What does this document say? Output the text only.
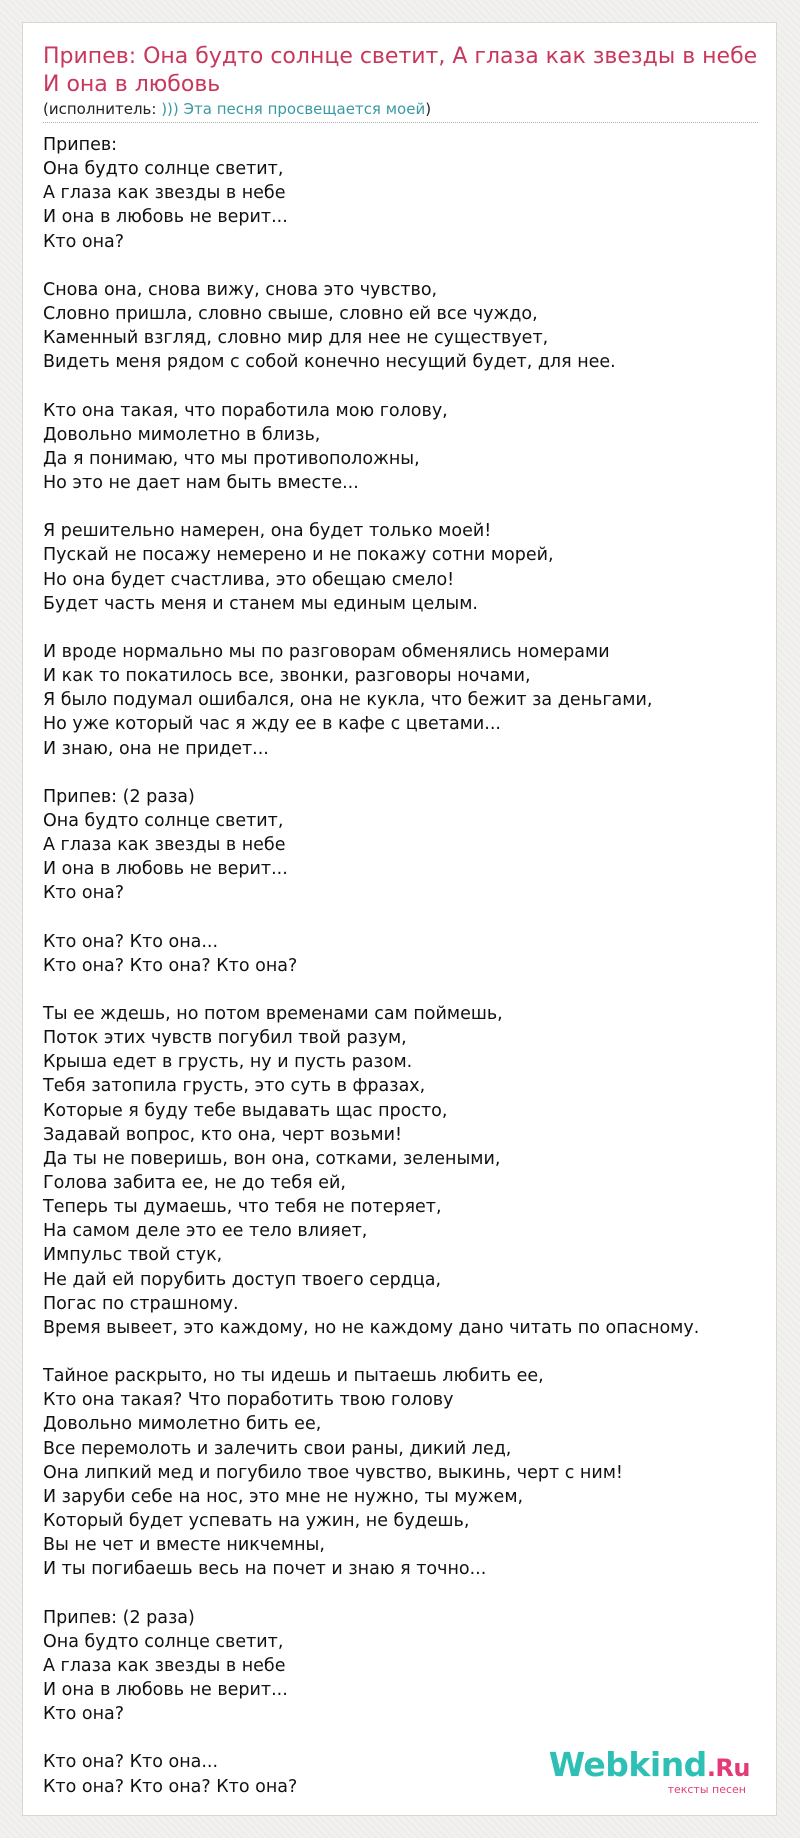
Припев: Она будто солнце светит, А глаза как звезды в небе И она в любовь
(исполнитель: ))) Эта песня просвещается моей)
Припев:
Она будто солнце светит,
А глаза как звезды в небе
И она в любовь не верит...
Кто она?
Снова она, снова вижу, снова это чувство,
Словно пришла, словно свыше, словно ей все чуждо,
Каменный взгляд, словно мир для нее не существует,
Видеть меня рядом с собой конечно несущий будет, для нее.
Кто она такая, что поработила мою голову,
Довольно мимолетно в близь,
Да я понимаю, что мы противоположны,
Но это не дает нам быть вместе...
Я решительно намерен, она будет только моей!
Пускай не посажу немерено и не покажу сотни морей,
Но она будет счастлива, это обещаю смело!
Будет часть меня и станем мы единым целым.
И вроде нормально мы по разговорам обменялись номерами
И как то покатилось все, звонки, разговоры ночами,
Я было подумал ошибался, она не кукла, что бежит за деньгами,
Но уже который час я жду ее в кафе с цветами...
И знаю, она не придет...
Припев: (2 раза)
Она будто солнце светит,
А глаза как звезды в небе
И она в любовь не верит...
Кто она?
Кто она? Кто она...
Кто она? Кто она? Кто она?
Ты ее ждешь, но потом временами сам поймешь,
Поток этих чувств погубил твой разум,
Крыша едет в грусть, ну и пусть разом.
Тебя затопила грусть, это суть в фразах,
Которые я буду тебе выдавать щас просто,
Задавай вопрос, кто она, черт возьми!
Да ты не поверишь, вон она, сотками, зелеными,
Голова забита ее, не до тебя ей,
Теперь ты думаешь, что тебя не потеряет,
На самом деле это ее тело влияет,
Импульс твой стук,
Не дай ей порубить доступ твоего сердца,
Погас по страшному.
Время вывеет, это каждому, но не каждому дано читать по опасному.
Тайное раскрыто, но ты идешь и пытаешь любить ее,
Кто она такая? Что поработить твою голову
Довольно мимолетно бить ее,
Все перемолоть и залечить свои раны, дикий лед,
Она липкий мед и погубило твое чувство, выкинь, черт с ним!
И заруби себе на нос, это мне не нужно, ты мужем,
Который будет успевать на ужин, не будешь,
Вы не чет и вместе никчемны,
И ты погибаешь весь на почет и знаю я точно...
Припев: (2 раза)
Она будто солнце светит,
А глаза как звезды в небе
И она в любовь не верит...
Кто она?
Кто она? Кто она...
Кто она? Кто она? Кто она?
Webkind.Ru
тексты песен
